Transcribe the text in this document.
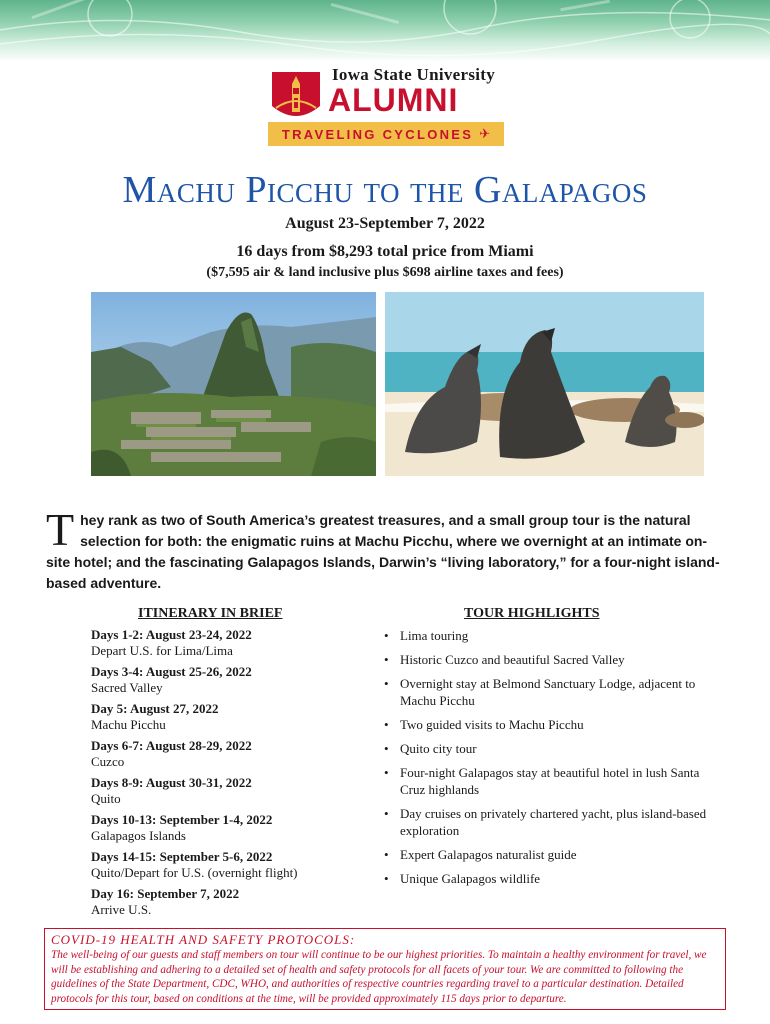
Iowa State University
ALUMNI
TRAVELING CYCLONES ✈
Machu Picchu to the Galapagos
August 23-September 7, 2022
16 days from $8,293 total price from Miami
($7,595 air & land inclusive plus $698 airline taxes and fees)
They rank as two of South America’s greatest treasures, and a small group tour is the natural selection for both: the enigmatic ruins at Machu Picchu, where we overnight at an intimate on-site hotel; and the fascinating Galapagos Islands, Darwin’s “living laboratory,” for a four-night island-based adventure.
ITINERARY IN BRIEF
Days 1-2: August 23-24, 2022
Depart U.S. for Lima/Lima
Days 3-4: August 25-26, 2022
Sacred Valley
Day 5: August 27, 2022
Machu Picchu
Days 6-7: August 28-29, 2022
Cuzco
Days 8-9: August 30-31, 2022
Quito
Days 10-13: September 1-4, 2022
Galapagos Islands
Days 14-15: September 5-6, 2022
Quito/Depart for U.S. (overnight flight)
Day 16: September 7, 2022
Arrive U.S.
TOUR HIGHLIGHTS
• Lima touring
• Historic Cuzco and beautiful Sacred Valley
• Overnight stay at Belmond Sanctuary Lodge, adjacent to Machu Picchu
• Two guided visits to Machu Picchu
• Quito city tour
• Four-night Galapagos stay at beautiful hotel in lush Santa Cruz highlands
• Day cruises on privately chartered yacht, plus island-based exploration
• Expert Galapagos naturalist guide
• Unique Galapagos wildlife
COVID-19 HEALTH AND SAFETY PROTOCOLS:
The well-being of our guests and staff members on tour will continue to be our highest priorities. To maintain a healthy environment for travel, we will be establishing and adhering to a detailed set of health and safety protocols for all facets of your tour. We are committed to following the guidelines of the State Department, CDC, WHO, and authorities of respective countries regarding travel to a particular destination. Detailed protocols for this tour, based on conditions at the time, will be provided approximately 115 days prior to departure.
